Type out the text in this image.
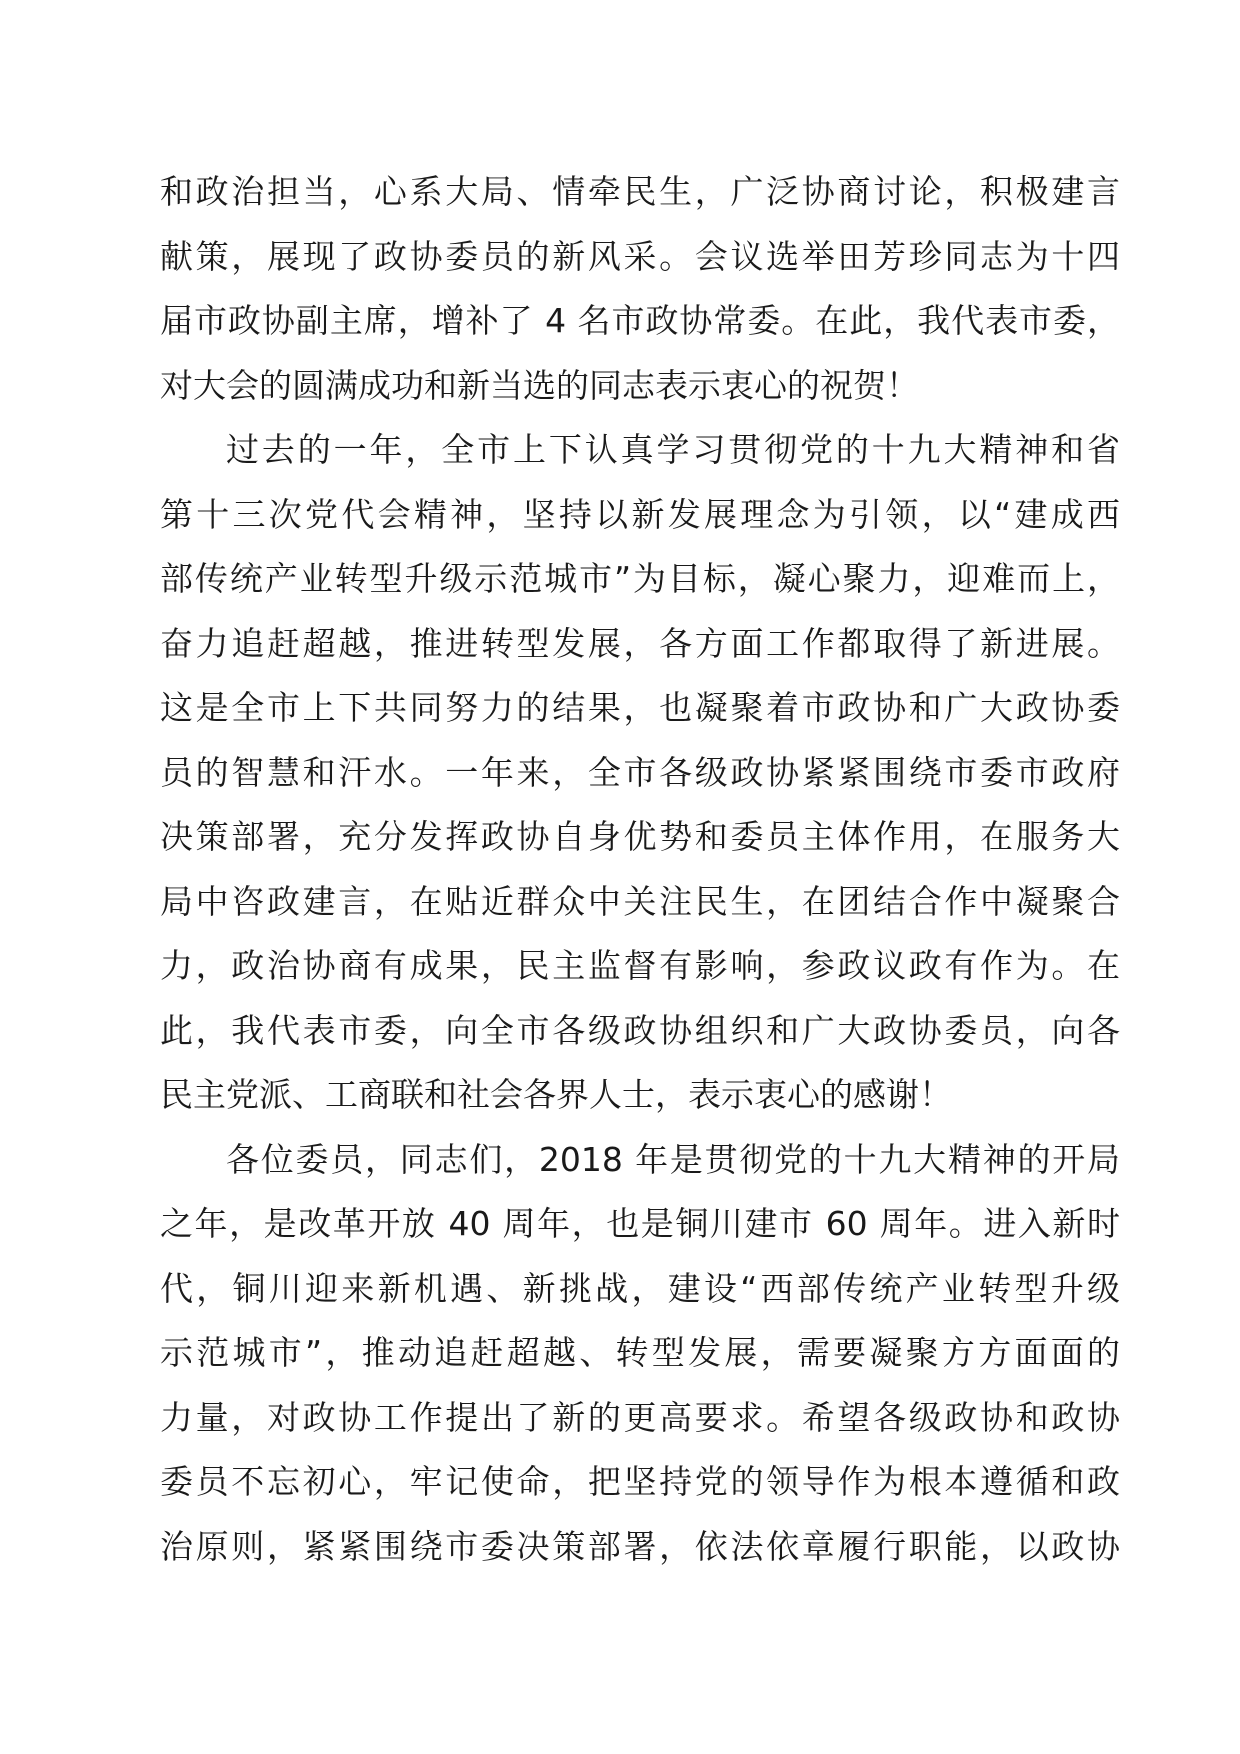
和政治担当，心系大局、情牵民生，广泛协商讨论，积极建言
献策，展现了政协委员的新风采。会议选举田芳珍同志为十四
届市政协副主席，增补了 4 名市政协常委。在此，我代表市委，
对大会的圆满成功和新当选的同志表示衷心的祝贺！
过去的一年，全市上下认真学习贯彻党的十九大精神和省
第十三次党代会精神，坚持以新发展理念为引领，以“建成西
部传统产业转型升级示范城市”为目标，凝心聚力，迎难而上，
奋力追赶超越，推进转型发展，各方面工作都取得了新进展。
这是全市上下共同努力的结果，也凝聚着市政协和广大政协委
员的智慧和汗水。一年来，全市各级政协紧紧围绕市委市政府
决策部署，充分发挥政协自身优势和委员主体作用，在服务大
局中咨政建言，在贴近群众中关注民生，在团结合作中凝聚合
力，政治协商有成果，民主监督有影响，参政议政有作为。在
此，我代表市委，向全市各级政协组织和广大政协委员，向各
民主党派、工商联和社会各界人士，表示衷心的感谢！
各位委员，同志们，2018 年是贯彻党的十九大精神的开局
之年，是改革开放 40 周年，也是铜川建市 60 周年。进入新时
代，铜川迎来新机遇、新挑战，建设“西部传统产业转型升级
示范城市”，推动追赶超越、转型发展，需要凝聚方方面面的
力量，对政协工作提出了新的更高要求。希望各级政协和政协
委员不忘初心，牢记使命，把坚持党的领导作为根本遵循和政
治原则，紧紧围绕市委决策部署，依法依章履行职能，以政协
